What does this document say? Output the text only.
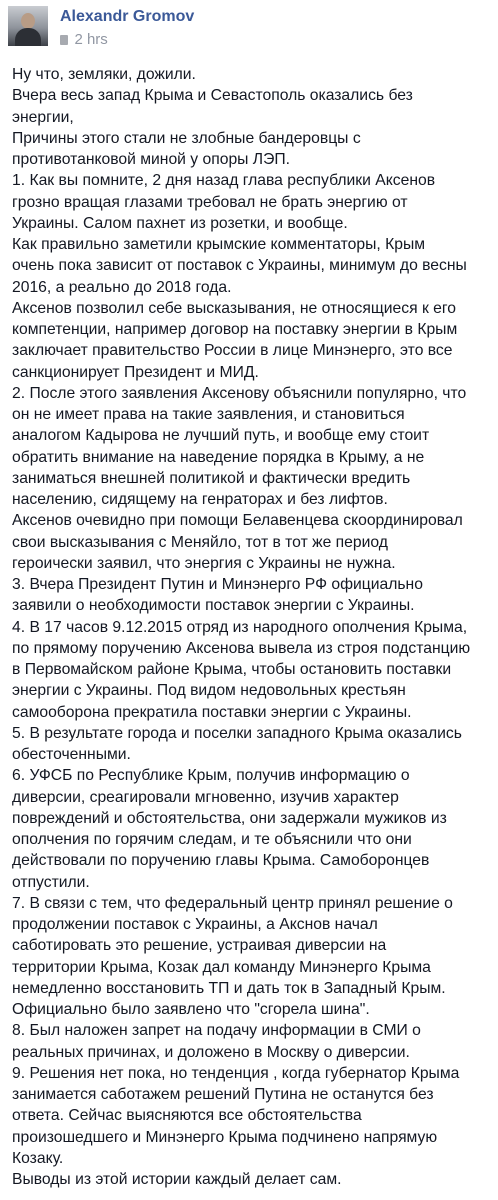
Alexandr Gromov
2 hrs
Ну что, земляки, дожили.
Вчера весь запад Крыма и Севастополь оказались без
энергии,
Причины этого стали не злобные бандеровцы с
противотанковой миной у опоры ЛЭП.
1. Как вы помните, 2 дня назад глава республики Аксенов
грозно вращая глазами требовал не брать энергию от
Украины. Салом пахнет из розетки, и вообще.
Как правильно заметили крымские комментаторы, Крым
очень пока зависит от поставок с Украины, минимум до весны
2016, а реально до 2018 года.
Аксенов позволил себе высказывания, не относящиеся к его
компетенции, например договор на поставку энергии в Крым
заключает правительство России в лице Минэнерго, это все
санкционирует Президент и МИД.
2. После этого заявления Аксенову объяснили популярно, что
он не имеет права на такие заявления, и становиться
аналогом Кадырова не лучший путь, и вообще ему стоит
обратить внимание на наведение порядка в Крыму, а не
заниматься внешней политикой и фактически вредить
населению, сидящему на генраторах и без лифтов.
Аксенов очевидно при помощи Белавенцева скоординировал
свои высказывания с Меняйло, тот в тот же период
героически заявил, что энергия с Украины не нужна.
3. Вчера Президент Путин и Минэнерго РФ официально
заявили о необходимости поставок энергии с Украины.
4. В 17 часов 9.12.2015 отряд из народного ополчения Крыма,
по прямому поручению Аксенова вывела из строя подстанцию
в Первомайском районе Крыма, чтобы остановить поставки
энергии с Украины. Под видом недовольных крестьян
самооборона прекратила поставки энергии с Украины.
5. В результате города и поселки западного Крыма оказались
обесточенными.
6. УФСБ по Республике Крым, получив информацию о
диверсии, среагировали мгновенно, изучив характер
повреждений и обстоятельства, они задержали мужиков из
ополчения по горячим следам, и те объяснили что они
действовали по поручению главы Крыма. Самоборонцев
отпустили.
7. В связи с тем, что федеральный центр принял решение о
продолжении поставок с Украины, а Акснов начал
саботировать это решение, устраивая диверсии на
территории Крыма, Козак дал команду Минэнерго Крыма
немедленно восстановить ТП и дать ток в Западный Крым.
Официально было заявлено что "сгорела шина".
8. Был наложен запрет на подачу информации в СМИ о
реальных причинах, и доложено в Москву о диверсии.
9. Решения нет пока, но тенденция , когда губернатор Крыма
занимается саботажем решений Путина не останутся без
ответа. Сейчас выясняются все обстоятельства
произошедшего и Минэнерго Крыма подчинено напрямую
Козаку.
Выводы из этой истории каждый делает сам.
